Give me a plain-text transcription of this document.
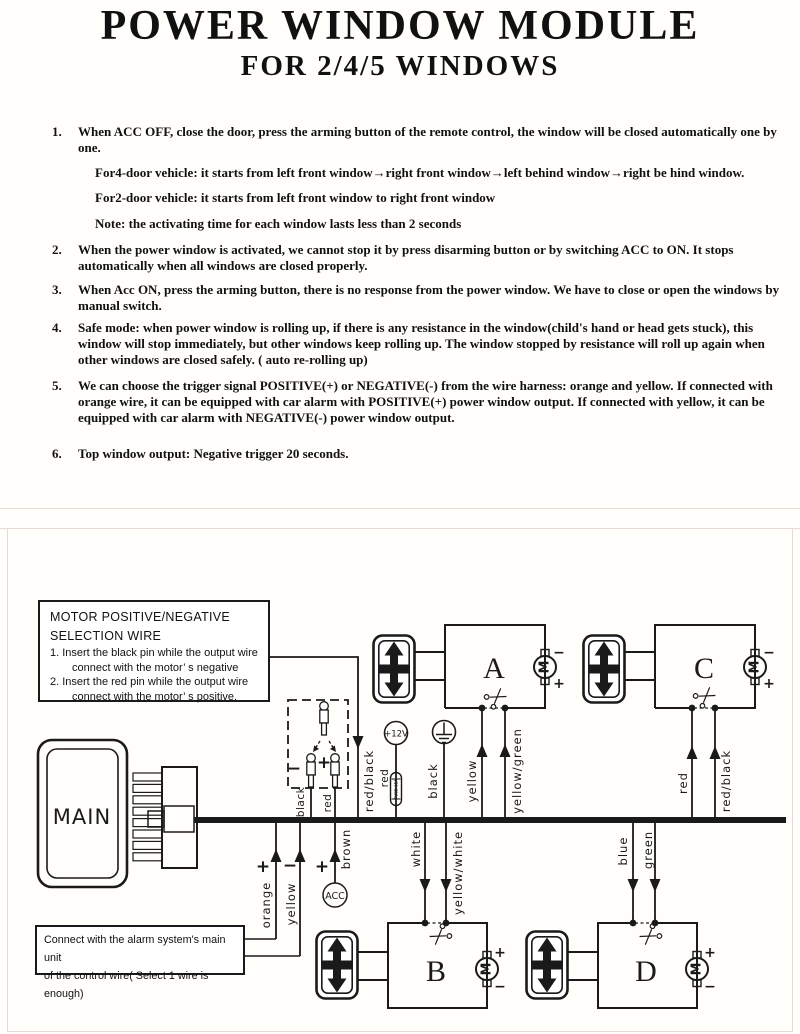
POWER WINDOW MODULE
FOR 2/4/5 WINDOWS
1.	When ACC OFF, close the door, press the arming button of the remote control, the window will be closed automatically one by one.
For4-door vehicle: it starts from left front window→right front window→left behind window→right be hind window.
For2-door vehicle: it starts from left front window to right front window
Note: the activating time for each window lasts less than 2 seconds
2.	When the power window is activated, we cannot stop it by press disarming button or by switching ACC to ON. It stops automatically when all windows are closed properly.
3.	When Acc ON, press the arming button, there is no response from the power window. We have to close or open the windows by manual switch.
4.	Safe mode: when power window is rolling up, if there is any resistance in the window(child's hand or head gets stuck), this window will stop immediately, but other windows keep rolling up. The window stopped by resistance will roll up again when other windows are closed safely. ( auto re-rolling up)
5.	We can choose the trigger signal POSITIVE(+) or NEGATIVE(-) from the wire harness: orange and yellow. If connected with orange wire, it can be equipped with car alarm with POSITIVE(+) power window output. If connected with yellow, it can be equipped with car alarm with NEGATIVE(-) power window output.
6.	Top window output: Negative trigger 20 seconds.
MAIN
red/black
− +
black red
+12V
FUSE 15A
red	black
A	M
−
+	C	M
−
+
yellow	yellow/green	red	red/black
+
orange
−
yellow
+ brown
ACC
white yellow/white	blue green
B	M
+
−	D	M
+
−
MOTOR POSITIVE/NEGATIVE
SELECTION WIRE
1. Insert the black pin while the output wire
connect with the motor’ s negative
2. Insert the red pin while the output wire
connect with the motor’ s positive.
Connect with the alarm system's main unit
of the control wire( Select 1 wire is enough)
